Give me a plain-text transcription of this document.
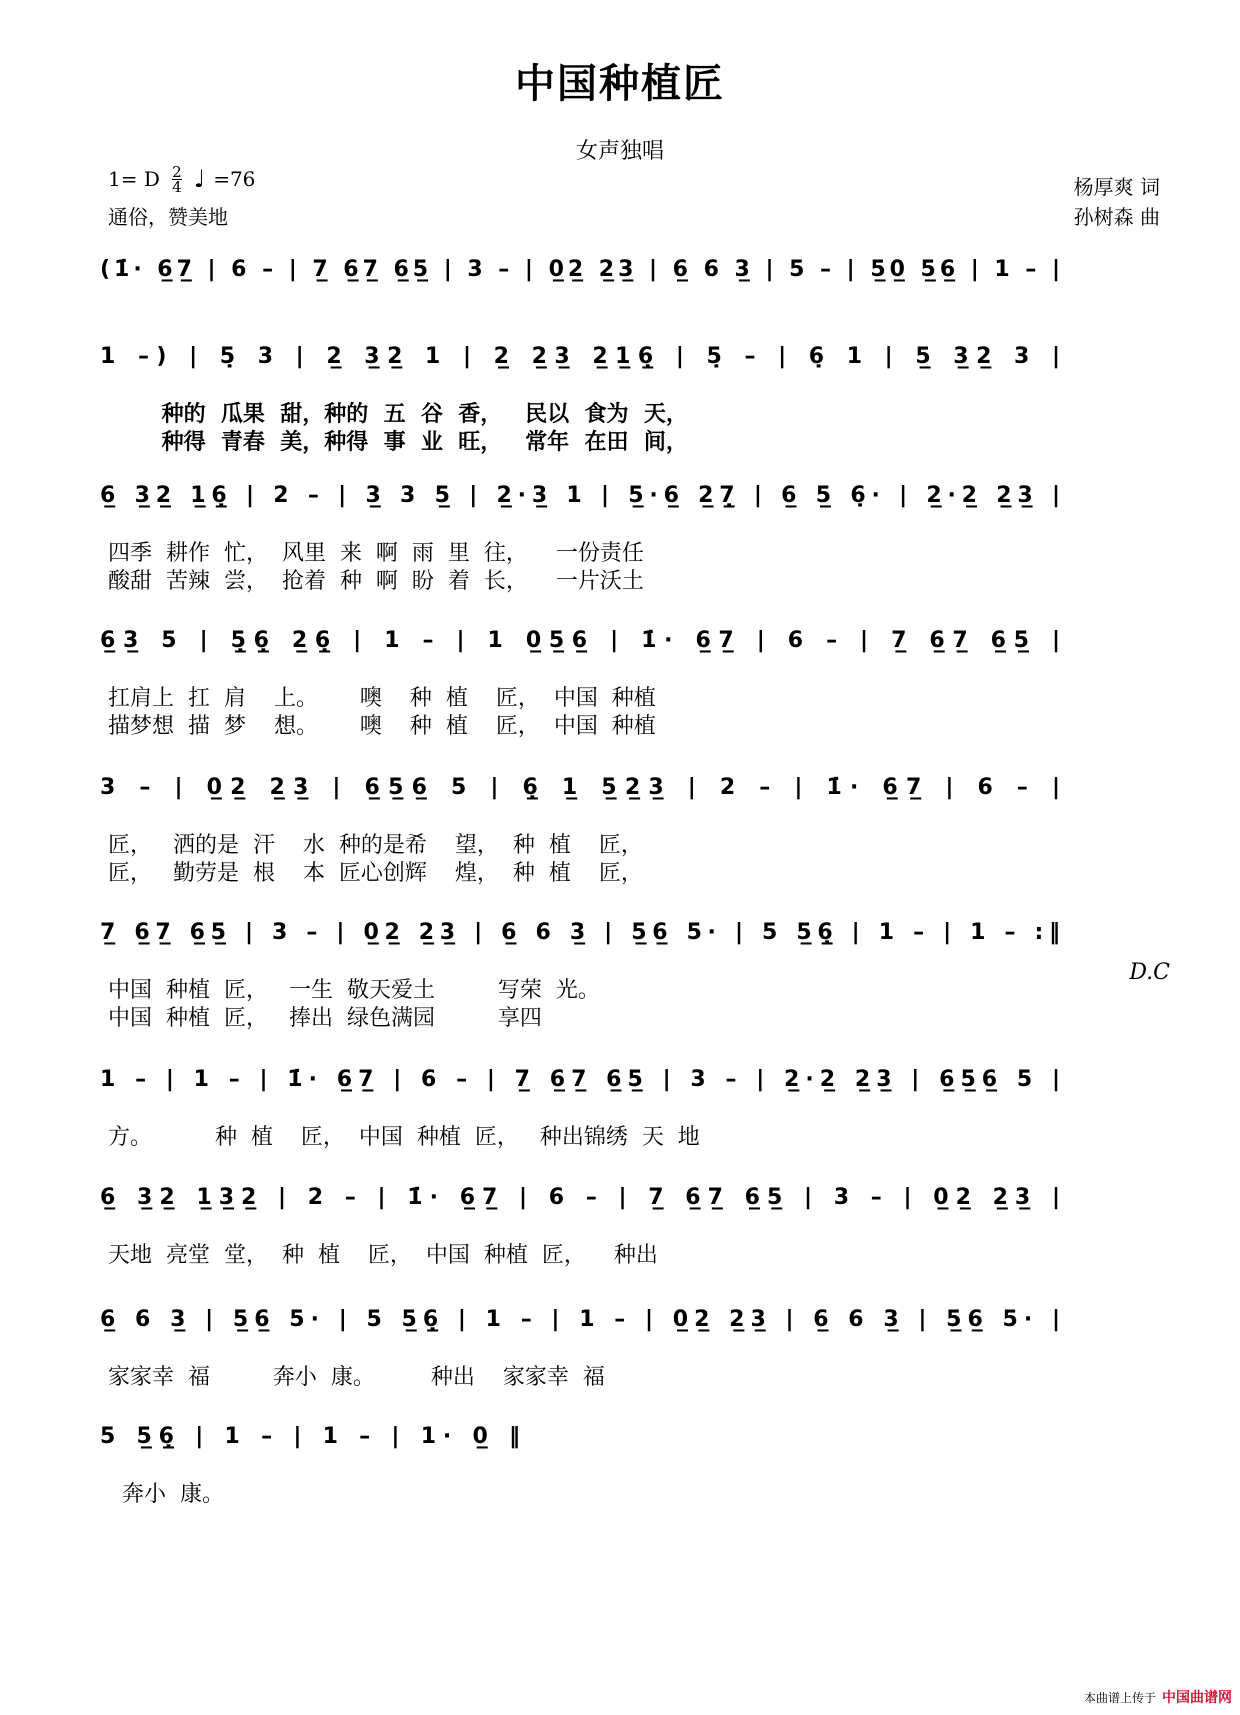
中国种植匠
女声独唱
1= D $\frac{2}{4}$ ♩ =76
通俗，赞美地
杨厚爽 词
孙树森 曲
(1̇· 6̲7̲ | 6 – | 7̲ 6̲7̲ 6̲5̲ | 3 – | 0̲2̲ 2̲3̲ | 6̲ 6 3̲ | 5 – | 5̲0̲ 5̲6̲ | 1 – |
1 –) | 5̣ 3 | 2̲ 3̲2̲ 1 | 2̲ 2̲3̲ 2̲1̲6̣̲ | 5̣ – | 6̣ 1 | 5̲ 3̲2̲ 3 |
种的  瓜果  甜，种的  五  谷  香，   民以  食为  天，
种得  青春  美，种得  事  业  旺，   常年  在田  间，
6̲ 3̲2̲ 1̲6̣̲ | 2 – | 3̲ 3 5̲ | 2̲·3̲ 1 | 5̲·6̲ 2̲7̣̲ | 6̲ 5̲ 6̣· | 2̲·2̲ 2̲3̲ |
四季  耕作  忙，  风里  来  啊  雨  里  往，    一份责任
酸甜  苦辣  尝，  抢着  种  啊  盼  着  长，    一片沃土
6̲3̲ 5 | 5̣̲6̣̲ 2̲6̣̲ | 1 – | 1 0̲5̲6̲ | 1̇· 6̲7̲ | 6 – | 7̲ 6̲7̲ 6̲5̲ |
扛肩上  扛  肩    上。      噢    种  植    匠，  中国  种植
描梦想  描  梦    想。      噢    种  植    匠，  中国  种植
3 – | 0̲2̲ 2̲3̲ | 6̲5̲6̲ 5 | 6̣̲ 1̲ 5̲2̲3̲ | 2 – | 1̇· 6̲7̲ | 6 – |
匠，   洒的是  汗    水  种的是希    望，  种  植    匠，
匠，   勤劳是  根    本  匠心创辉    煌，  种  植    匠，
7̲ 6̲7̲ 6̲5̲ | 3 – | 0̲2̲ 2̲3̲ | 6̲ 6 3̲ | 5̲6̲ 5· | 5 5̲6̣̲ | 1 – | 1 – :‖
中国  种植  匠，   一生  敬天爱土         写荣  光。
中国  种植  匠，   捧出  绿色满园         享四
1 – | 1 – | 1̇· 6̲7̲ | 6 – | 7̲ 6̲7̲ 6̲5̲ | 3 – | 2̲·2̲ 2̲3̲ | 6̲5̲6̲ 5 |
方。         种  植    匠，  中国  种植  匠，   种出锦绣  天  地
6̲ 3̲2̲ 1̲3̲2̲ | 2 – | 1̇· 6̲7̲ | 6 – | 7̲ 6̲7̲ 6̲5̲ | 3 – | 0̲2̲ 2̲3̲ |
天地  亮堂  堂，  种  植    匠，  中国  种植  匠，    种出
6̲ 6 3̲ | 5̲6̲ 5· | 5 5̲6̣̲ | 1 – | 1 – | 0̲2̲ 2̲3̲ | 6̲ 6 3̲ | 5̲6̲ 5· |
家家幸  福         奔小  康。        种出    家家幸  福
5 5̲6̣̲ | 1 – | 1 – | 1· 0̲ ‖
奔小  康。
D.C
本曲谱上传于 中国曲谱网
